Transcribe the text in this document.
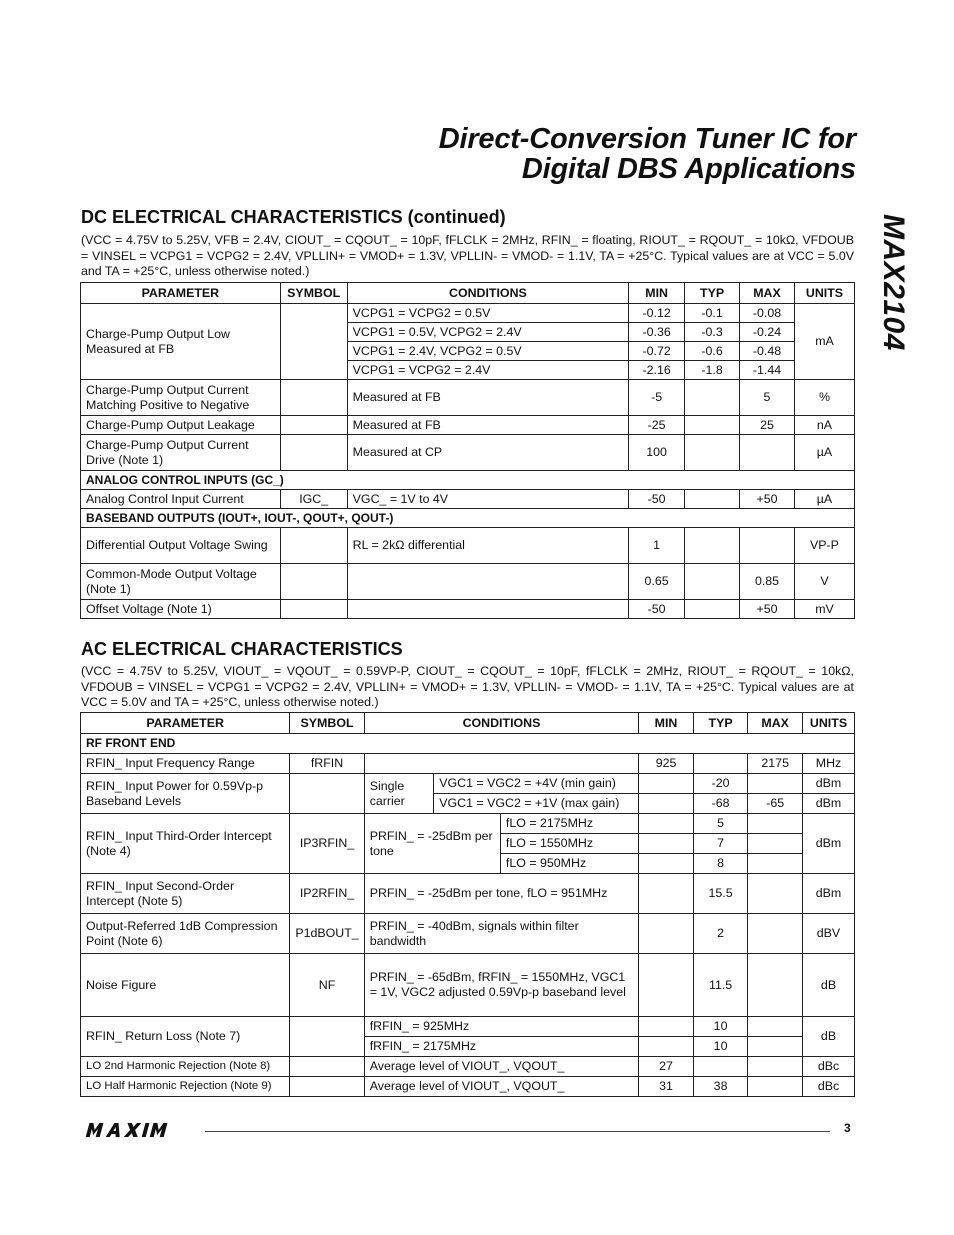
Direct-Conversion Tuner IC for
Digital DBS Applications
MAX2104
DC ELECTRICAL CHARACTERISTICS (continued)
(VCC = 4.75V to 5.25V, VFB = 2.4V, CIOUT_ = CQOUT_ = 10pF, fFLCLK = 2MHz, RFIN_ = floating, RIOUT_ = RQOUT_ = 10kΩ, VFDOUB = VINSEL = VCPG1 = VCPG2 = 2.4V, VPLLIN+ = VMOD+ = 1.3V, VPLLIN- = VMOD- = 1.1V, TA = +25°C. Typical values are at VCC = 5.0V and TA = +25°C, unless otherwise noted.)
PARAMETER	SYMBOL	CONDITIONS	MIN	TYP	MAX	UNITS
Charge-Pump Output Low Measured at FB		VCPG1 = VCPG2 = 0.5V	-0.12	-0.1	-0.08	mA
		VCPG1 = 0.5V, VCPG2 = 2.4V	-0.36	-0.3	-0.24	
		VCPG1 = 2.4V, VCPG2 = 0.5V	-0.72	-0.6	-0.48	
		VCPG1 = VCPG2 = 2.4V	-2.16	-1.8	-1.44	
Charge-Pump Output Current Matching Positive to Negative		Measured at FB	-5		5	%
Charge-Pump Output Leakage		Measured at FB	-25		25	nA
Charge-Pump Output Current Drive (Note 1)		Measured at CP	100			µA
ANALOG CONTROL INPUTS (GC_)						
Analog Control Input Current	IGC_	VGC_ = 1V to 4V	-50		+50	µA
BASEBAND OUTPUTS (IOUT+, IOUT-, QOUT+, QOUT-)						
Differential Output Voltage Swing		RL = 2kΩ differential	1			VP-P
Common-Mode Output Voltage (Note 1)			0.65		0.85	V
Offset Voltage (Note 1)			-50		+50	mV
AC ELECTRICAL CHARACTERISTICS
(VCC = 4.75V to 5.25V, VIOUT_ = VQOUT_ = 0.59VP-P, CIOUT_ = CQOUT_ = 10pF, fFLCLK = 2MHz, RIOUT_ = RQOUT_ = 10kΩ, VFDOUB = VINSEL = VCPG1 = VCPG2 = 2.4V, VPLLIN+ = VMOD+ = 1.3V, VPLLIN- = VMOD- = 1.1V, TA = +25°C. Typical values are at VCC = 5.0V and TA = +25°C, unless otherwise noted.)
PARAMETER	SYMBOL	CONDITIONS			MIN	TYP	MAX	UNITS
RF FRONT END								
RFIN_ Input Frequency Range	fRFIN				925		2175	MHz
RFIN_ Input Power for 0.59Vp-p Baseband Levels		Single carrier	VGC1 = VGC2 = +4V (min gain)			-20		dBm
			VGC1 = VGC2 = +1V (max gain)			-68	-65	dBm
RFIN_ Input Third-Order Intercept (Note 4)	IP3RFIN_	PRFIN_ = -25dBm per tone		fLO = 2175MHz		5		dBm
				fLO = 1550MHz		7		
				fLO = 950MHz		8		
RFIN_ Input Second-Order Intercept (Note 5)	IP2RFIN_	PRFIN_ = -25dBm per tone, fLO = 951MHz				15.5		dBm
Output-Referred 1dB Compression Point (Note 6)	P1dBOUT_	PRFIN_ = -40dBm, signals within filter bandwidth				2		dBV
Noise Figure	NF	PRFIN_ = -65dBm, fRFIN_ = 1550MHz, VGC1 = 1V, VGC2 adjusted 0.59Vp-p baseband level				11.5		dB
RFIN_ Return Loss (Note 7)		fRFIN_ = 925MHz				10		dB
		fRFIN_ = 2175MHz				10		
LO 2nd Harmonic Rejection (Note 8)		Average level of VIOUT_, VQOUT_			27			dBc
LO Half Harmonic Rejection (Note 9)		Average level of VIOUT_, VQOUT_			31	38		dBc
3
